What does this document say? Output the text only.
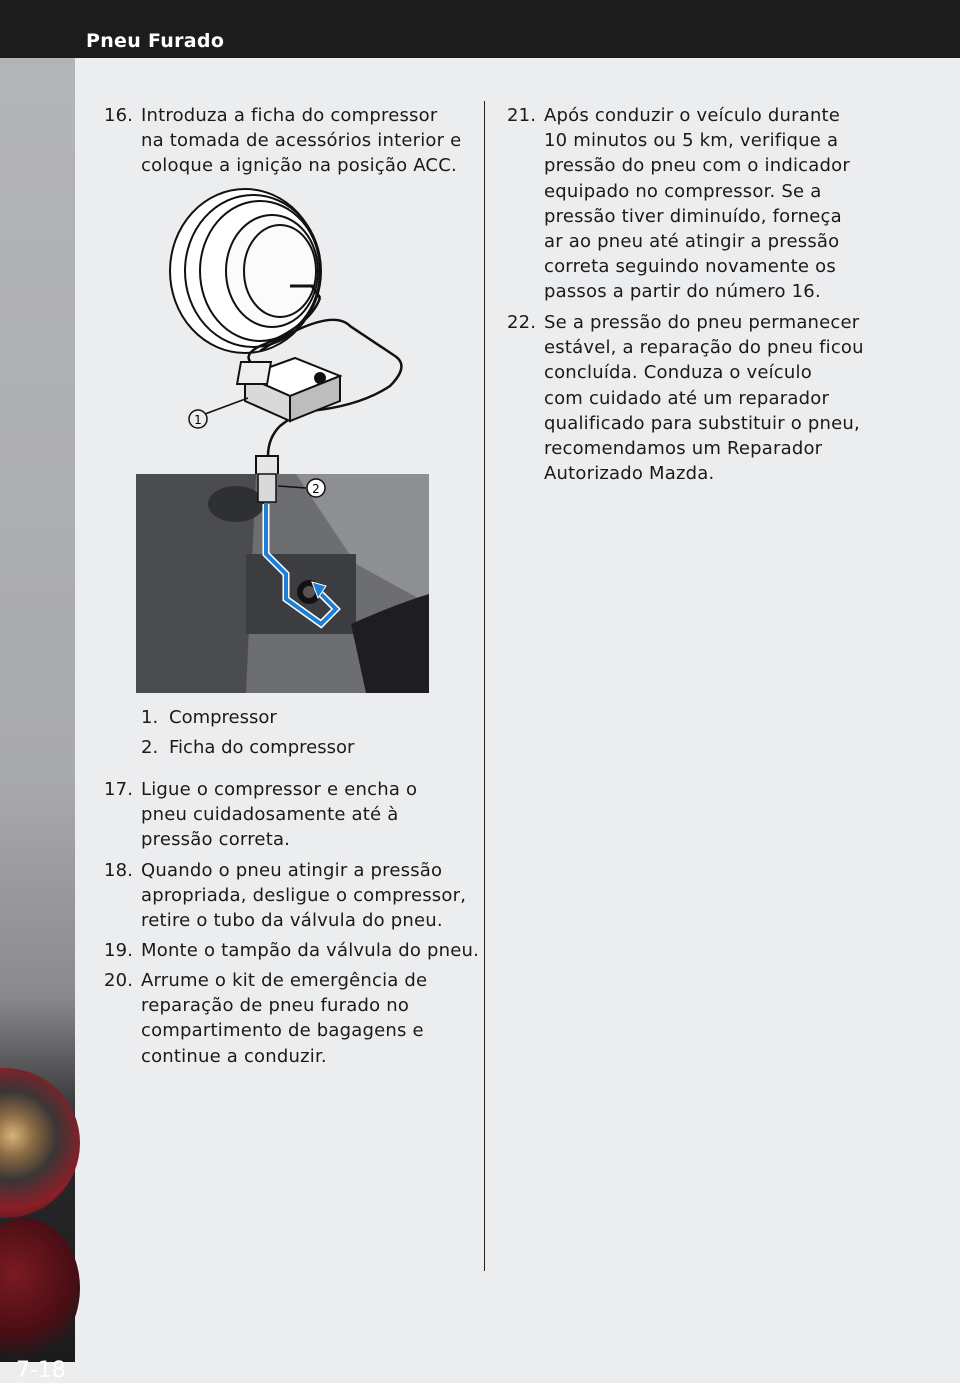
Pneu Furado
7-18
16. Introduza a ficha do compressor
na tomada de acessórios interior e
coloque a ignição na posição ACC.
1
2
1. Compressor
2. Ficha do compressor
17. Ligue o compressor e encha o
pneu cuidadosamente até à
pressão correta.
18. Quando o pneu atingir a pressão
apropriada, desligue o compressor,
retire o tubo da válvula do pneu.
19. Monte o tampão da válvula do pneu.
20. Arrume o kit de emergência de
reparação de pneu furado no
compartimento de bagagens e
continue a conduzir.
21. Após conduzir o veículo durante
10 minutos ou 5 km, verifique a
pressão do pneu com o indicador
equipado no compressor. Se a
pressão tiver diminuído, forneça
ar ao pneu até atingir a pressão
correta seguindo novamente os
passos a partir do número 16.
22. Se a pressão do pneu permanecer
estável, a reparação do pneu ficou
concluída. Conduza o veículo
com cuidado até um reparador
qualificado para substituir o pneu,
recomendamos um Reparador
Autorizado Mazda.
